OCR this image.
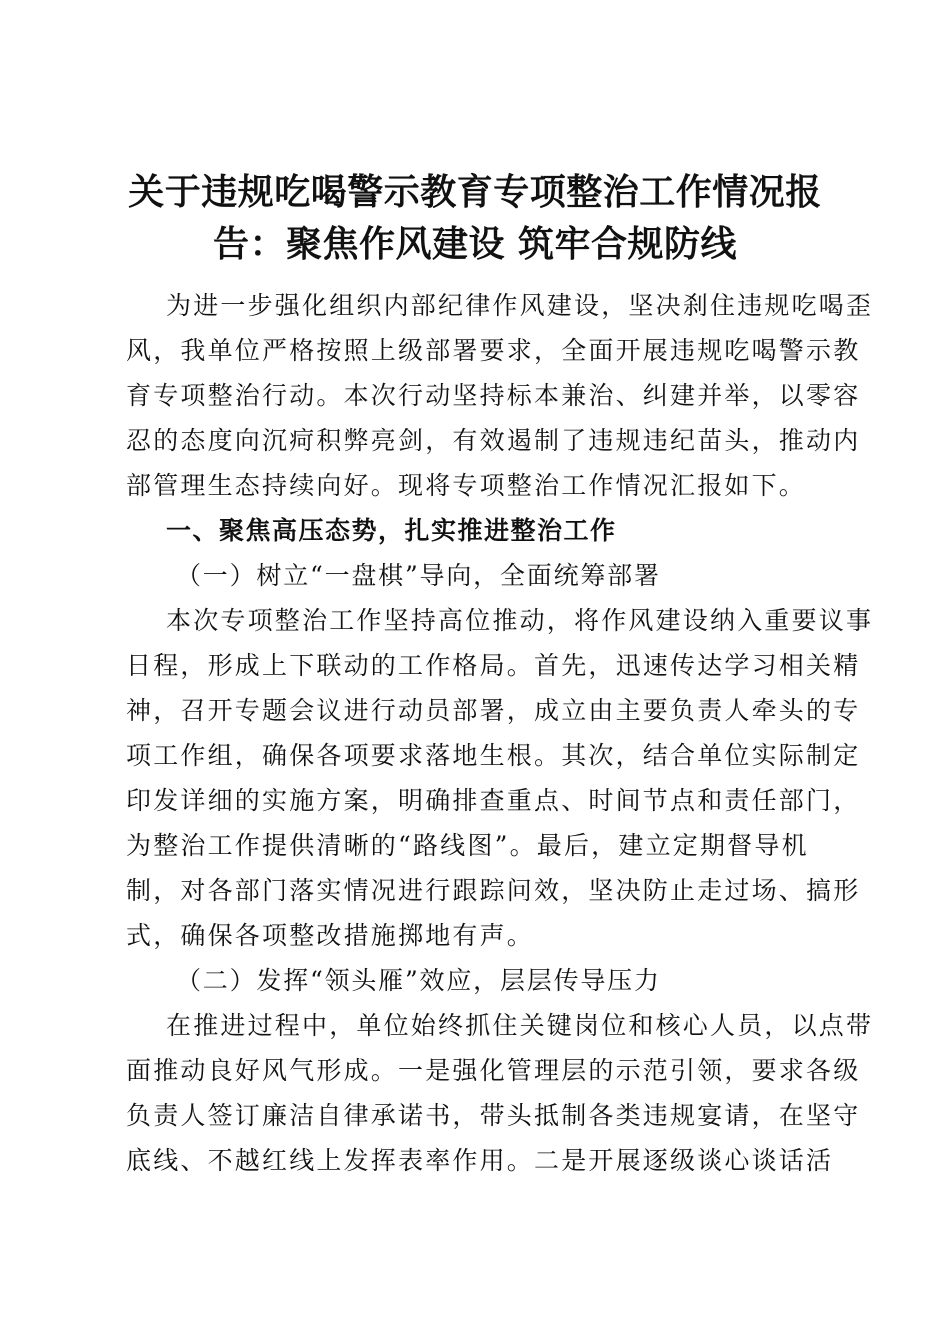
关于违规吃喝警示教育专项整治工作情况报
告：聚焦作风建设 筑牢合规防线
为进一步强化组织内部纪律作风建设，坚决刹住违规吃喝歪
风，我单位严格按照上级部署要求，全面开展违规吃喝警示教
育专项整治行动。本次行动坚持标本兼治、纠建并举，以零容
忍的态度向沉疴积弊亮剑，有效遏制了违规违纪苗头，推动内
部管理生态持续向好。现将专项整治工作情况汇报如下。
一、聚焦高压态势，扎实推进整治工作
（一）树立“一盘棋”导向，全面统筹部署
本次专项整治工作坚持高位推动，将作风建设纳入重要议事
日程，形成上下联动的工作格局。首先，迅速传达学习相关精
神，召开专题会议进行动员部署，成立由主要负责人牵头的专
项工作组，确保各项要求落地生根。其次，结合单位实际制定
印发详细的实施方案，明确排查重点、时间节点和责任部门，
为整治工作提供清晰的“路线图”。最后，建立定期督导机
制，对各部门落实情况进行跟踪问效，坚决防止走过场、搞形
式，确保各项整改措施掷地有声。
（二）发挥“领头雁”效应，层层传导压力
在推进过程中，单位始终抓住关键岗位和核心人员，以点带
面推动良好风气形成。一是强化管理层的示范引领，要求各级
负责人签订廉洁自律承诺书，带头抵制各类违规宴请，在坚守
底线、不越红线上发挥表率作用。二是开展逐级谈心谈话活
